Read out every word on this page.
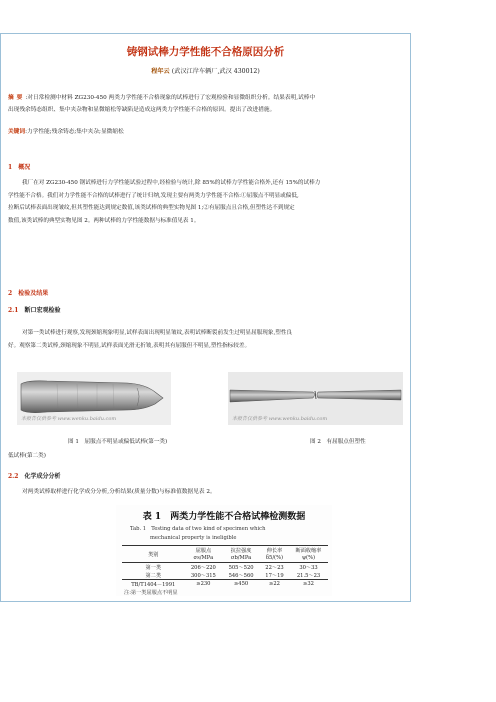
铸钢试棒力学性能不合格原因分析
程年云 (武汉江岸车辆厂,武汉 430012)
摘要:对日常检测中材料 ZG230-450 两类力学性能不合格现象的试棒进行了宏观检验和显微组织分析。结果表明,试棒中
出现残余铸态组织、集中夹杂物和显微缩松等缺陷是造成这两类力学性能不合格的原因。提出了改进措施。
关键词:力学性能;残余铸态;集中夹杂;显微缩松
1 概况
我厂在对 ZG230-450 钢试棒进行力学性能试验过程中,经检验与统计,除 85%的试棒力学性能合格外,还有 15%的试棒力
学性能不合格。我们对力学性能不合格的试棒进行了统计归纳,发现主要有两类力学性能不合格:①屈服点不明显或偏低,
拉断后试棒表面出现皱纹,但其塑性能达到规定数值,该类试棒的典型实物见图 1;②有屈服点且合格,但塑性达不到规定
数值,该类试棒的典型实物见图 2。两种试棒的力学性能数据与标准值见表 1。
2 检验及结果
2.1 断口宏观检验
对第一类试棒进行观察,发现颈缩现象明显,试样表面出现明显皱纹,表明试棒断裂前发生过明显屈服现象,塑性良
好。观察第二类试棒,颈缩现象不明显,试样表面光滑无折皱,表明其有屈服但不明显,塑性指标较差。
本报告仅供参考 www.wenku.baidu.com	本报告仅供参考 www.wenku.baidu.com
图 1　屈服点不明显或偏低试棒(第一类)	图 2　有屈服点但塑性
低试棒(第二类)
2.2 化学成分分析
对两类试棒取样进行化学成分分析,分析结果(质量分数)与标准值数据见表 2。
表 1　两类力学性能不合格试棒检测数据
Tab. 1　Testing data of two kind of specimen which
mechanical property is ineligible
类别	屈服点	抗拉强度	伸长率	断面收缩率
	σs/MPa	σb/MPa	δ5/(%)	ψ(%)
第一类	206～220	505～520	22～23	30～33
第二类	300～315	546～560	17～19	21.5～23
TB/T1404－1991	≥230	≥450	≥22	≥32
注:第一类屈服点不明显
